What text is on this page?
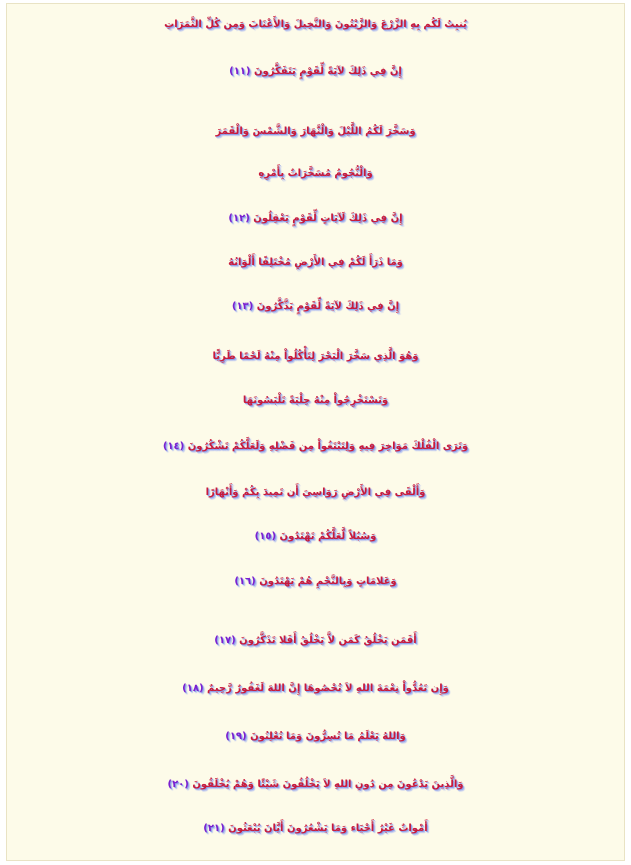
يُنبِتُ لَكُم بِهِ الزَّرْعَ وَالزَّيْتُونَ وَالنَّخِيلَ وَالأَعْنَابَ وَمِن كُلِّ الثَّمَرَاتِ
إِنَّ فِي ذَلِكَ لآيَةً لِّقَوْمٍ يَتَفَكَّرُونَ (١١)
وَسَخَّرَ لَكُمُ اللَّيْلَ وَالْنَّهَارَ وَالشَّمْسَ وَالْقَمَرَ
وَالْنُّجُومُ مُسَخَّرَاتٌ بِأَمْرِهِ
إِنَّ فِي ذَلِكَ لَآيَاتٍ لِّقَوْمٍ يَعْقِلُونَ (١٢)
وَمَا ذَرَأَ لَكُمْ فِي الأَرْضِ مُخْتَلِفًا أَلْوَانُهُ
إِنَّ فِي ذَلِكَ لآيَةً لِّقَوْمٍ يَذَّكَّرُونَ (١٣)
وَهُوَ الَّذِي سَخَّرَ الْبَحْرَ لِتَأْكُلُواْ مِنْهُ لَحْمًا طَرِيًّا
وَتَسْتَخْرِجُواْ مِنْهُ حِلْيَةً تَلْبَسُونَهَا
وَتَرَى الْفُلْكَ مَوَاخِرَ فِيهِ وَلِتَبْتَغُواْ مِن فَضْلِهِ وَلَعَلَّكُمْ تَشْكُرُونَ (١٤)
وَأَلْقَى فِي الأَرْضِ رَوَاسِيَ أَن تَمِيدَ بِكُمْ وَأَنْهَارًا
وَسُبُلاً لَّعَلَّكُمْ تَهْتَدُونَ (١٥)
وَعَلامَاتٍ وَبِالنَّجْمِ هُمْ يَهْتَدُونَ (١٦)
أَفَمَن يَخْلُقُ كَمَن لاَّ يَخْلُقُ أَفَلا تَذَكَّرُونَ (١٧)
وَإِن تَعُدُّواْ نِعْمَةَ اللهِ لاَ تُحْصُوهَا إِنَّ اللهَ لَغَفُورٌ رَّحِيمٌ (١٨)
وَاللهُ يَعْلَمُ مَا تُسِرُّونَ وَمَا تُعْلِنُونَ (١٩)
وَالَّذِينَ يَدْعُونَ مِن دُونِ اللهِ لاَ يَخْلُقُونَ شَيْئًا وَهُمْ يُخْلَقُونَ (٢٠)
أَمْواتٌ غَيْرُ أَحْيَاء وَمَا يَشْعُرُونَ أَيَّانَ يُبْعَثُونَ (٢١)
